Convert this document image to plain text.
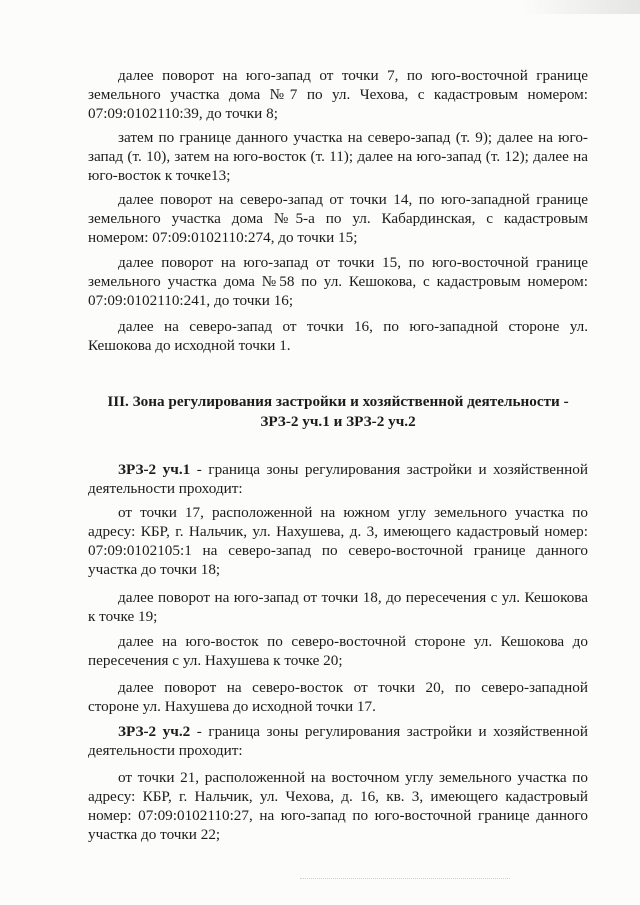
далее поворот на юго-запад от точки 7, по юго-восточной границе земельного участка дома №7 по ул. Чехова, с кадастровым номером: 07:09:0102110:39, до точки 8;

затем по границе данного участка на северо-запад (т. 9); далее на юго-запад (т. 10), затем на юго-восток (т. 11); далее на юго-запад (т. 12); далее на юго-восток к точке13;

далее поворот на северо-запад от точки 14, по юго-западной границе земельного участка дома №5-а по ул. Кабардинская, с кадастровым номером: 07:09:0102110:274, до точки 15;

далее поворот на юго-запад от точки 15, по юго-восточной границе земельного участка дома №58 по ул. Кешокова, с кадастровым номером: 07:09:0102110:241, до точки 16;

далее на северо-запад от точки 16, по юго-западной стороне ул. Кешокова до исходной точки 1.

III. Зона регулирования застройки и хозяйственной деятельности -
ЗРЗ-2 уч.1 и ЗРЗ-2 уч.2

ЗРЗ-2 уч.1 - граница зоны регулирования застройки и хозяйственной деятельности проходит:

от точки 17, расположенной на южном углу земельного участка по адресу: КБР, г. Нальчик, ул. Нахушева, д. 3, имеющего кадастровый номер: 07:09:0102105:1 на северо-запад по северо-восточной границе данного участка до точки 18;

далее поворот на юго-запад от точки 18, до пересечения с ул. Кешокова к точке 19;

далее на юго-восток по северо-восточной стороне ул. Кешокова до пересечения с ул. Нахушева к точке 20;

далее поворот на северо-восток от точки 20, по северо-западной стороне ул. Нахушева до исходной точки 17.

ЗРЗ-2 уч.2 - граница зоны регулирования застройки и хозяйственной деятельности проходит:

от точки 21, расположенной на восточном углу земельного участка по адресу: КБР, г. Нальчик, ул. Чехова, д. 16, кв. 3, имеющего кадастровый номер: 07:09:0102110:27, на юго-запад по юго-восточной границе данного участка до точки 22;
